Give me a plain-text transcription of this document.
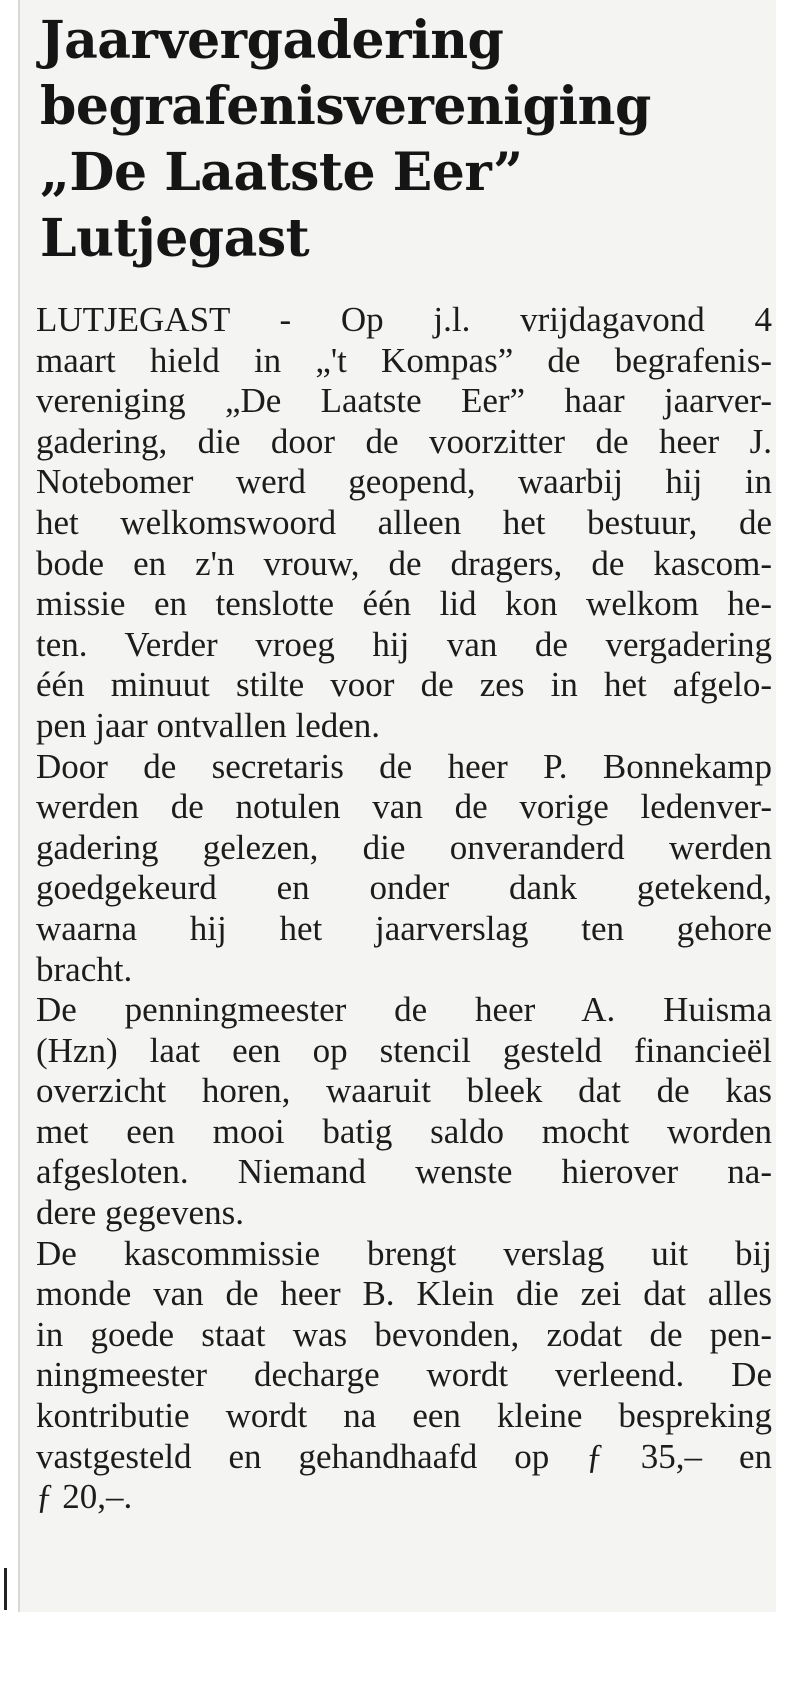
Jaarvergadering
begrafenisvereniging
„De Laatste Eer”
Lutjegast

LUTJEGAST - Op j.l. vrijdagavond 4
maart hield in „'t Kompas” de begrafenis-
vereniging „De Laatste Eer” haar jaarver-
gadering, die door de voorzitter de heer J.
Notebomer werd geopend, waarbij hij in
het welkomswoord alleen het bestuur, de
bode en z'n vrouw, de dragers, de kascom-
missie en tenslotte één lid kon welkom he-
ten. Verder vroeg hij van de vergadering
één minuut stilte voor de zes in het afgelo-
pen jaar ontvallen leden.

Door de secretaris de heer P. Bonnekamp
werden de notulen van de vorige ledenver-
gadering gelezen, die onveranderd werden
goedgekeurd en onder dank getekend,
waarna hij het jaarverslag ten gehore
bracht.

De penningmeester de heer A. Huisma
(Hzn) laat een op stencil gesteld financieël
overzicht horen, waaruit bleek dat de kas
met een mooi batig saldo mocht worden
afgesloten. Niemand wenste hierover na-
dere gegevens.

De kascommissie brengt verslag uit bij
monde van de heer B. Klein die zei dat alles
in goede staat was bevonden, zodat de pen-
ningmeester decharge wordt verleend. De
kontributie wordt na een kleine bespreking
vastgesteld en gehandhaafd op ƒ 35,– en
ƒ 20,–.
